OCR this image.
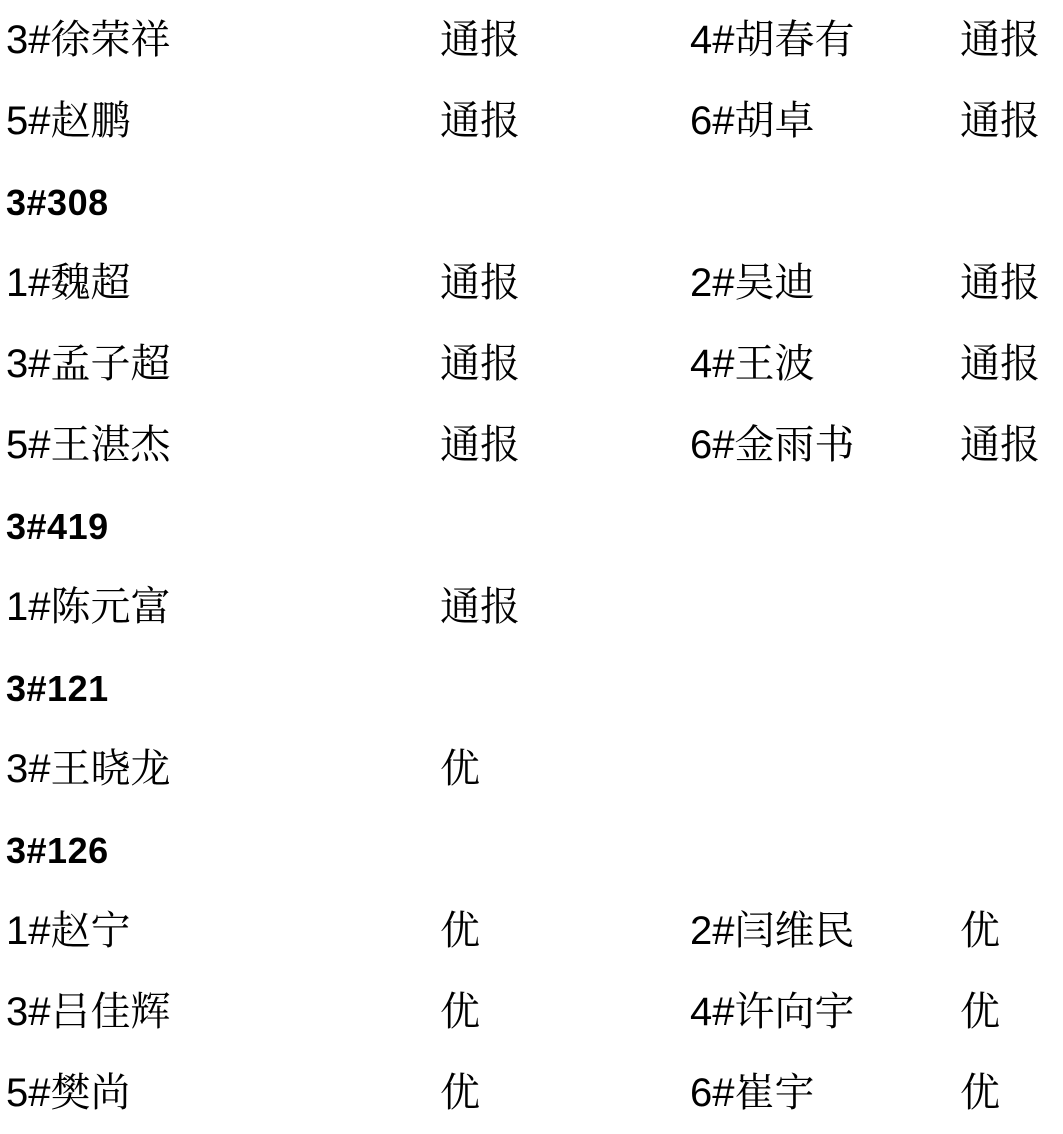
3#徐荣祥	通报	4#胡春有	通报
5#赵鹏	通报	6#胡卓	通报
3#308
1#魏超	通报	2#吴迪	通报
3#孟子超	通报	4#王波	通报
5#王湛杰	通报	6#金雨书	通报
3#419
1#陈元富	通报
3#121
3#王晓龙	优
3#126
1#赵宁	优	2#闫维民	优
3#吕佳辉	优	4#许向宇	优
5#樊尚	优	6#崔宇	优
